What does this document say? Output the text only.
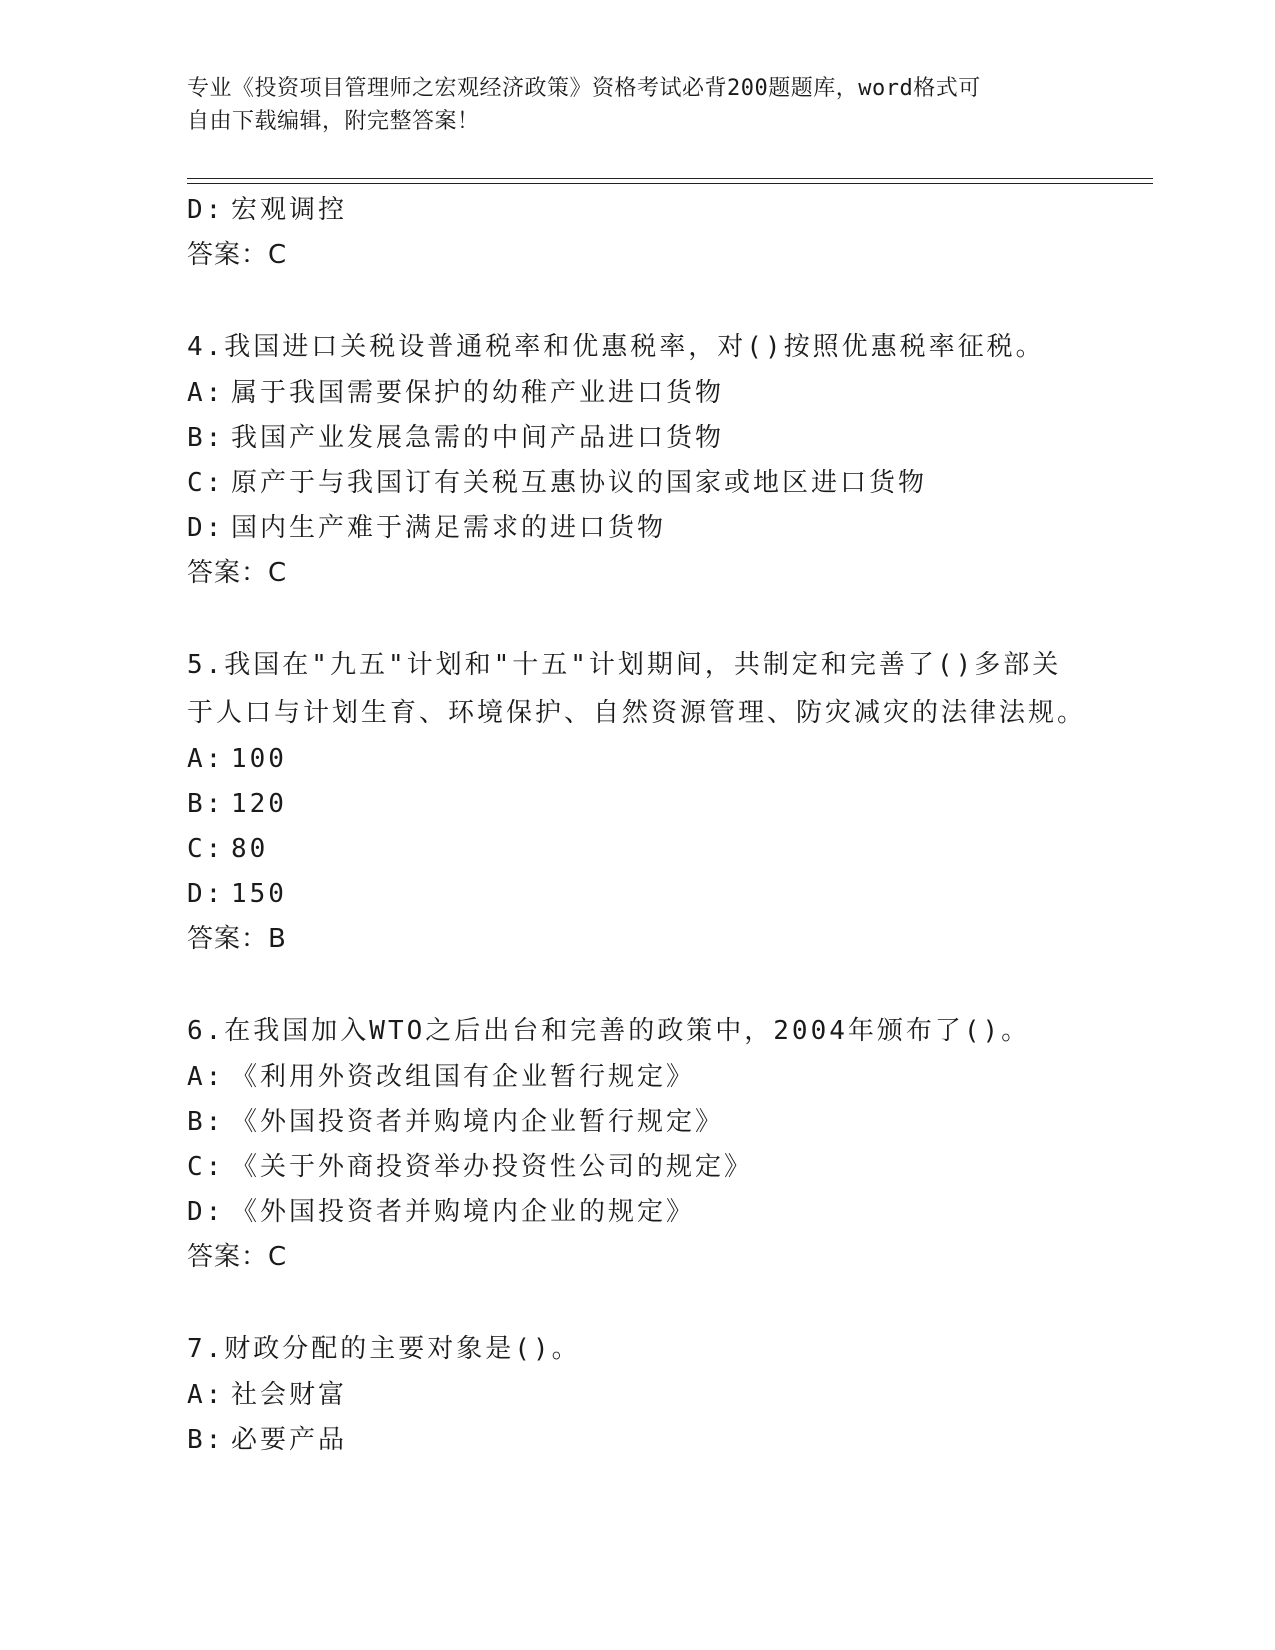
专业《投资项目管理师之宏观经济政策》资格考试必背200题题库，word格式可
自由下载编辑，附完整答案！
D: 宏观调控
答案：C
4.我国进口关税设普通税率和优惠税率，对()按照优惠税率征税。
A: 属于我国需要保护的幼稚产业进口货物
B: 我国产业发展急需的中间产品进口货物
C: 原产于与我国订有关税互惠协议的国家或地区进口货物
D: 国内生产难于满足需求的进口货物
答案：C
5.我国在"九五"计划和"十五"计划期间，共制定和完善了()多部关于人口与计划生育、环境保护、自然资源管理、防灾减灾的法律法规。
A: 100
B: 120
C: 80
D: 150
答案：B
6.在我国加入WTO之后出台和完善的政策中，2004年颁布了()。
A: 《利用外资改组国有企业暂行规定》
B: 《外国投资者并购境内企业暂行规定》
C: 《关于外商投资举办投资性公司的规定》
D: 《外国投资者并购境内企业的规定》
答案：C
7.财政分配的主要对象是()。
A: 社会财富
B: 必要产品
